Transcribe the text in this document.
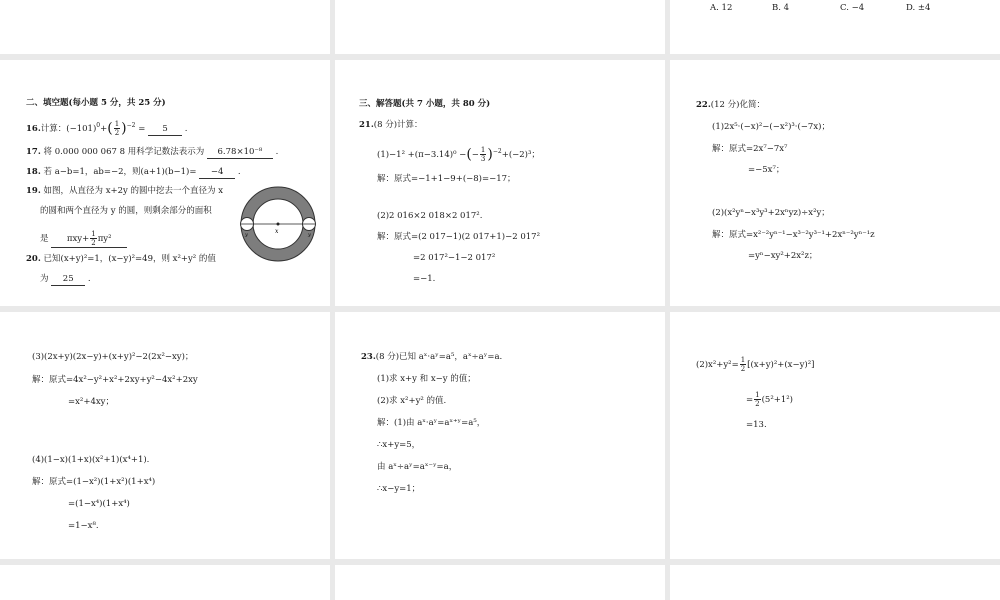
A. 12	B. 4	C. −4	D. ±4
二、填空题(每小题 5 分，共 25 分)
16.计算：$(-101)^0+( \frac{1}{2} )^{-2} = 5$ .
17. 将 0.000 000 067 8 用科学记数法表示为 6.78×10⁻⁸ .
18. 若 a−b=1，ab=−2，则(a+1)(b−1)= −4 .
19. 如图，从直径为 x+2y 的圆中挖去一个直径为 x
的圆和两个直径为 y 的圆，则剩余部分的面积
是 $\pi xy+ \frac{1}{2} \pi y^2$
20. 已知(x+y)²=1，(x−y)²=49，则 x²+y² 的值
为 25 .
x
y	y
三、解答题(共 7 小题，共 80 分)
21.(8 分)计算：
(1)−1² +(π−3.14)⁰ −(− $\frac{1}{3} )^{-2}+(-2)^3$；
解：原式=−1+1−9+(−8)=−17；
(2)2 016×2 018×2 017².
解：原式=(2 017−1)(2 017+1)−2 017²
=2 017²−1−2 017²
=−1.
22.(12 分)化简：
(1)2x⁵·(−x)²−(−x²)³·(−7x)；
解：原式=2x⁷−7x⁷
=−5x⁷；
(2)(x²yⁿ−x³y³+2xⁿyz)÷x²y；
解：原式=x²⁻²yⁿ⁻¹−x³⁻²y³⁻¹+2xⁿ⁻²yⁿ⁻¹z
=yⁿ−xy²+2x²z；
(3)(2x+y)(2x−y)+(x+y)²−2(2x²−xy)；
解：原式=4x²−y²+x²+2xy+y²−4x²+2xy
=x²+4xy；
(4)(1−x)(1+x)(x²+1)(x⁴+1).
解：原式=(1−x²)(1+x²)(1+x⁴)
=(1−x⁴)(1+x⁴)
=1−x⁸.
23.(8 分)已知 aˣ·aʸ=a⁵，aˣ÷aʸ=a.
(1)求 x+y 和 x−y 的值；
(2)求 x²+y² 的值.
解：(1)由 aˣ·aʸ=aˣ⁺ʸ=a⁵，
∴x+y=5，
由 aˣ÷aʸ=aˣ⁻ʸ=a，
∴x−y=1；
$(2)x^2+y^2= \frac{1}{2} [(x+y)^2+(x-y)^2]$
= $\frac{1}{2} (5^2+1^2)$
=13.
